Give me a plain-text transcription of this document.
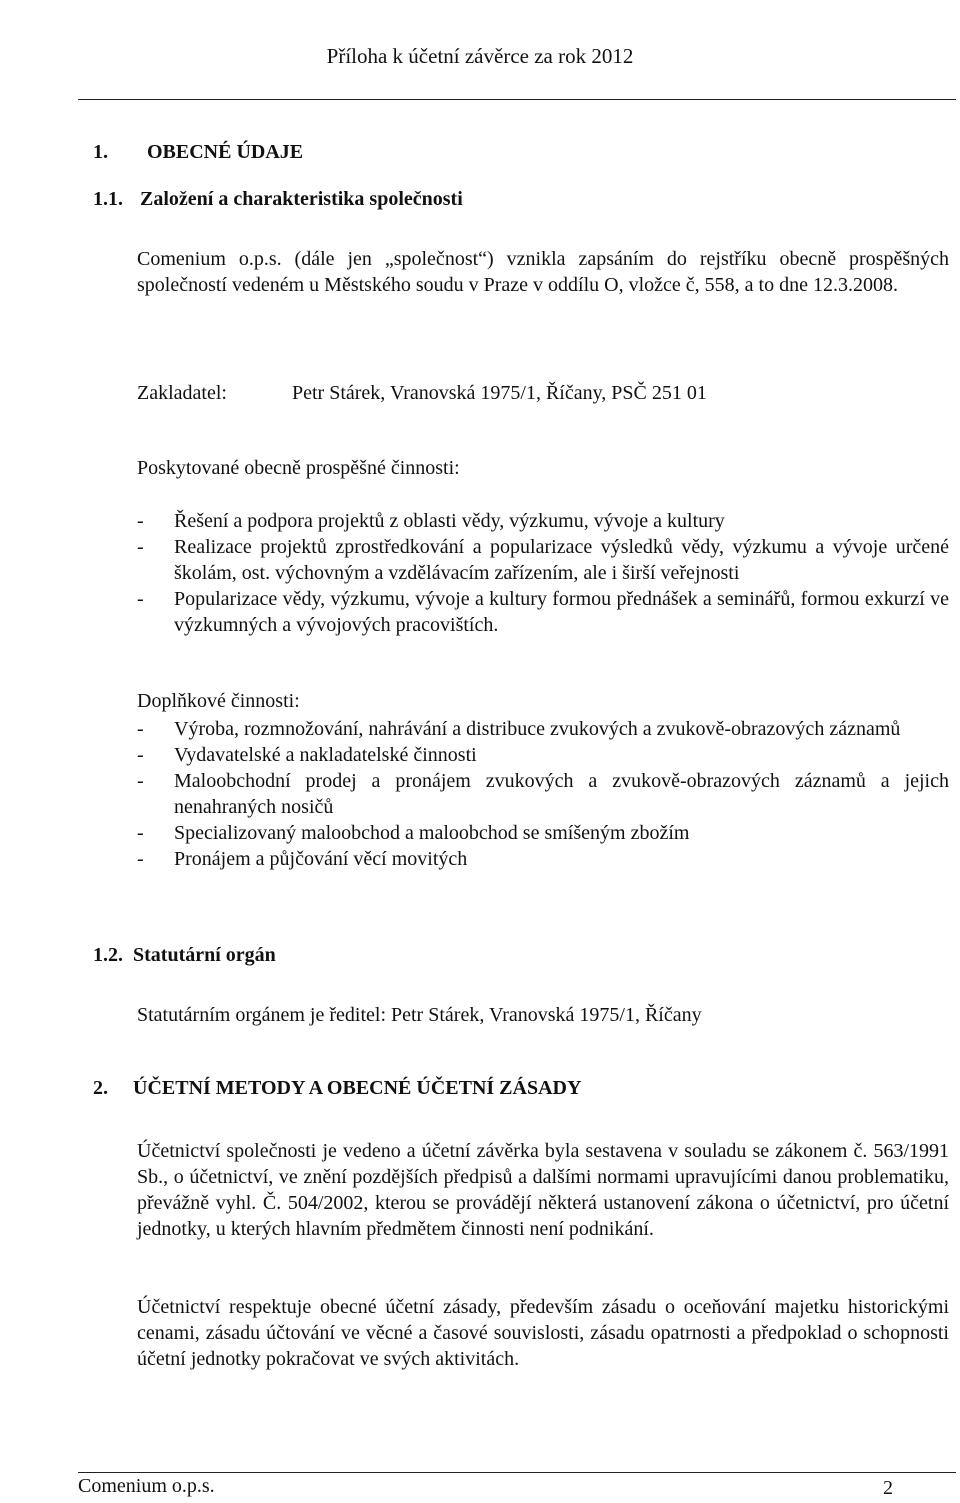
Příloha k účetní závěrce za rok 2012
1. OBECNÉ ÚDAJE
1.1. Založení a charakteristika společnosti
Comenium o.p.s. (dále jen „společnost“) vznikla zapsáním do rejstříku obecně prospěšných společností vedeném u Městského soudu v Praze v oddílu O, vložce č, 558, a to dne 12.3.2008.
Zakladatel:	Petr Stárek, Vranovská 1975/1, Říčany, PSČ 251 01
Poskytované obecně prospěšné činnosti:
- Řešení a podpora projektů z oblasti vědy, výzkumu, vývoje a kultury
- Realizace projektů zprostředkování a popularizace výsledků vědy, výzkumu a vývoje určené školám, ost. výchovným a vzdělávacím zařízením, ale i širší veřejnosti
- Popularizace vědy, výzkumu, vývoje a kultury formou přednášek a seminářů, formou exkurzí ve výzkumných a vývojových pracovištích.
Doplňkové činnosti:
- Výroba, rozmnožování, nahrávání a distribuce zvukových a zvukově-obrazových záznamů
- Vydavatelské a nakladatelské činnosti
- Maloobchodní prodej a pronájem zvukových a zvukově-obrazových záznamů a jejich nenahraných nosičů
- Specializovaný maloobchod a maloobchod se smíšeným zbožím
- Pronájem a půjčování věcí movitých
1.2. Statutární orgán
Statutárním orgánem je ředitel: Petr Stárek, Vranovská 1975/1, Říčany
2. ÚČETNÍ METODY A OBECNÉ ÚČETNÍ ZÁSADY
Účetnictví společnosti je vedeno a účetní závěrka byla sestavena v souladu se zákonem č. 563/1991 Sb., o účetnictví, ve znění pozdějších předpisů a dalšími normami upravujícími danou problematiku, převážně vyhl. Č. 504/2002, kterou se provádějí některá ustanovení zákona o účetnictví, pro účetní jednotky, u kterých hlavním předmětem činnosti není podnikání.
Účetnictví respektuje obecné účetní zásady, především zásadu o oceňování majetku historickými cenami, zásadu účtování ve věcné a časové souvislosti, zásadu opatrnosti a předpoklad o schopnosti účetní jednotky pokračovat ve svých aktivitách.
Comenium o.p.s.	2
